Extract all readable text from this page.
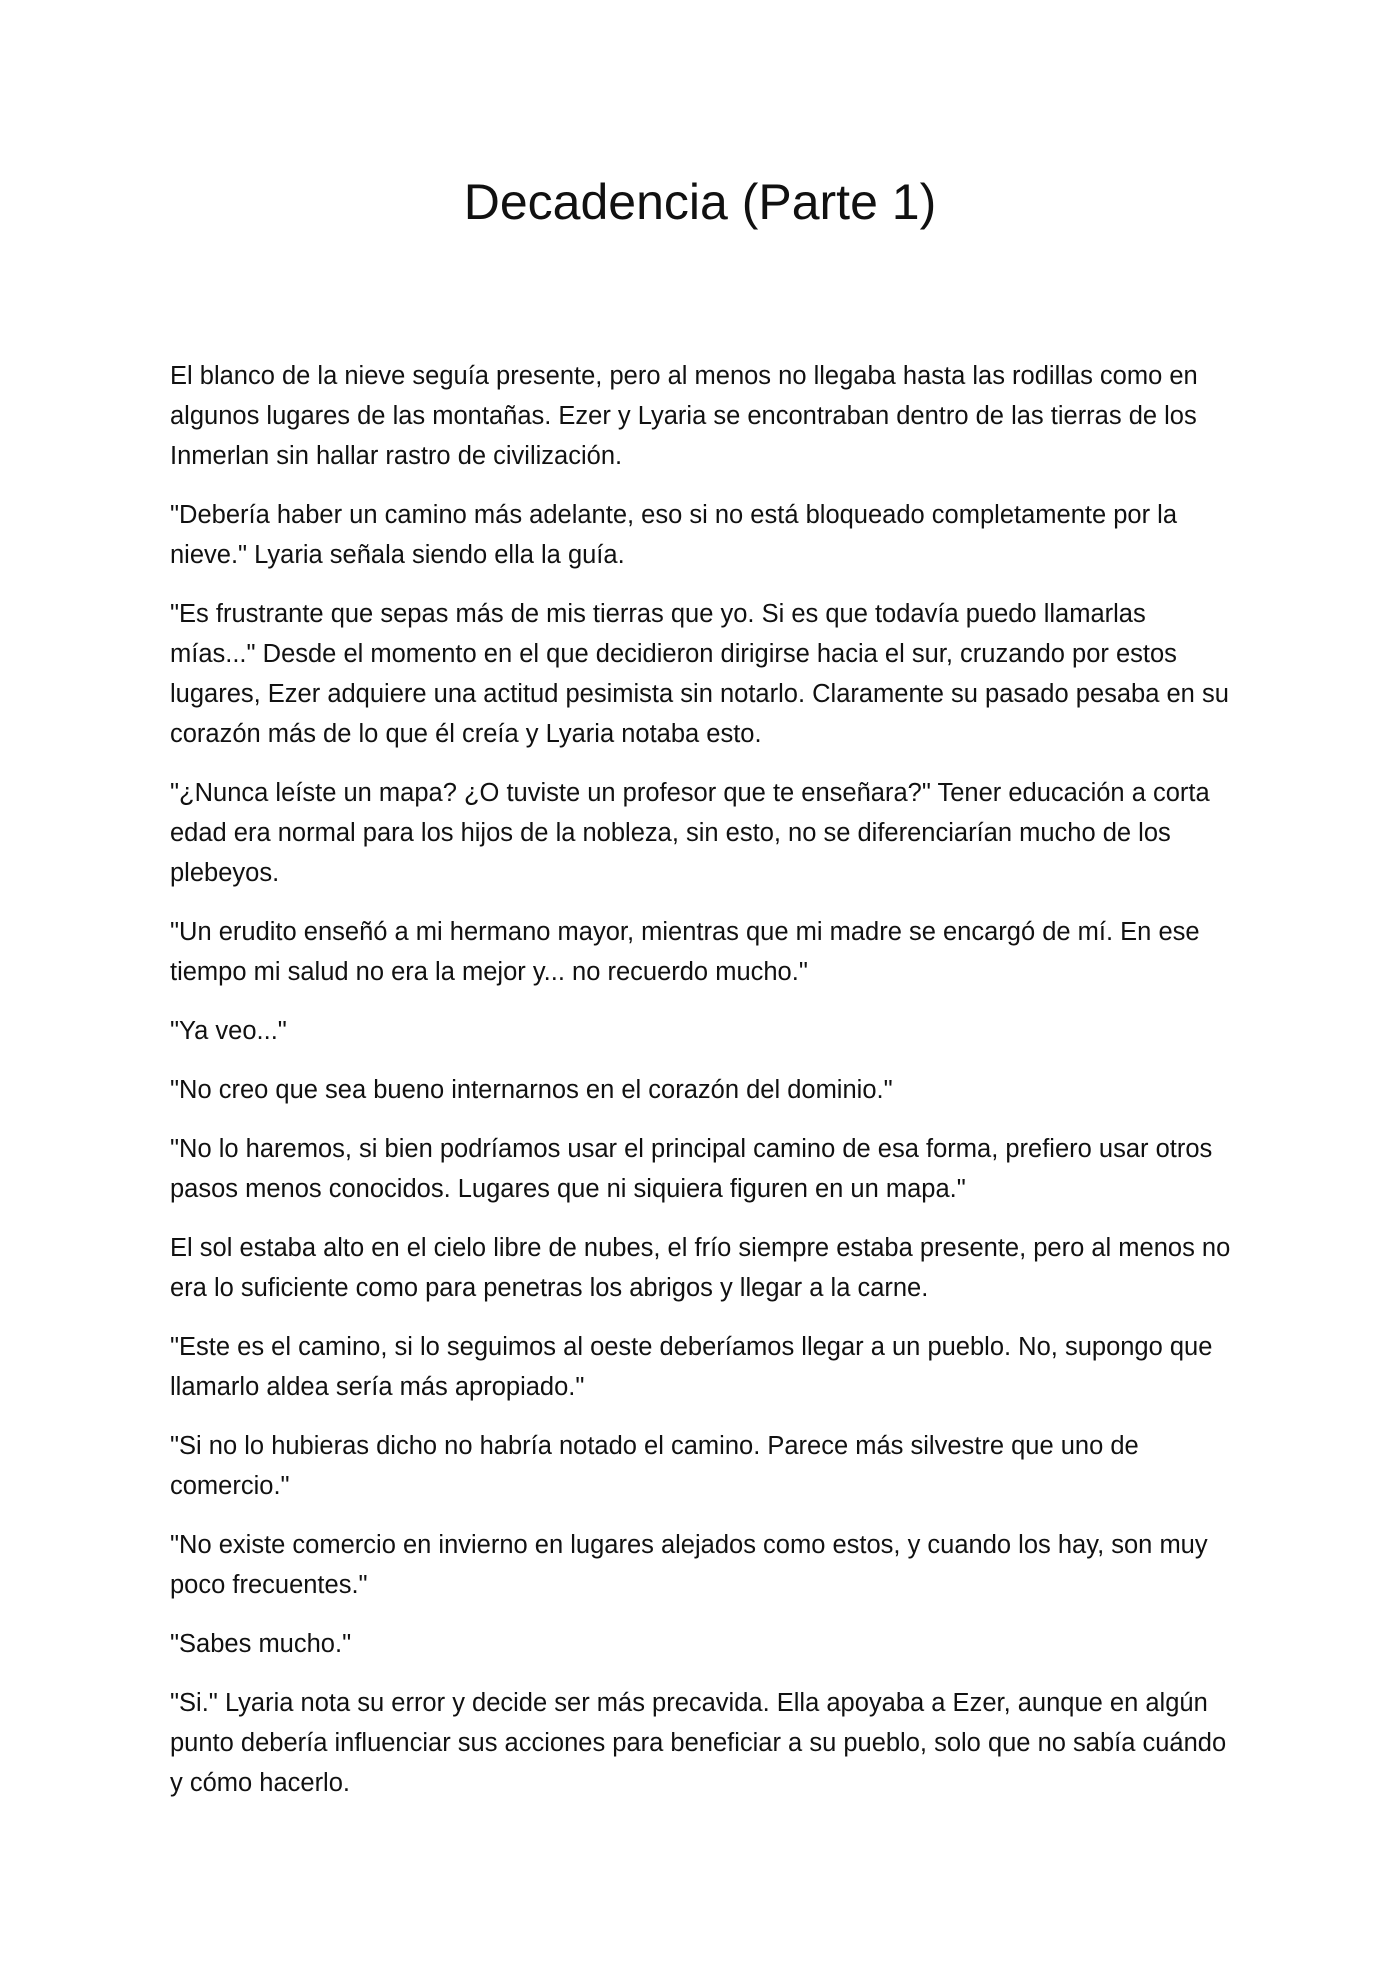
Decadencia (Parte 1)

El blanco de la nieve seguía presente, pero al menos no llegaba hasta las rodillas como en algunos lugares de las montañas. Ezer y Lyaria se encontraban dentro de las tierras de los Inmerlan sin hallar rastro de civilización.

"Debería haber un camino más adelante, eso si no está bloqueado completamente por la nieve." Lyaria señala siendo ella la guía.

"Es frustrante que sepas más de mis tierras que yo. Si es que todavía puedo llamarlas mías..." Desde el momento en el que decidieron dirigirse hacia el sur, cruzando por estos lugares, Ezer adquiere una actitud pesimista sin notarlo. Claramente su pasado pesaba en su corazón más de lo que él creía y Lyaria notaba esto.

"¿Nunca leíste un mapa? ¿O tuviste un profesor que te enseñara?" Tener educación a corta edad era normal para los hijos de la nobleza, sin esto, no se diferenciarían mucho de los plebeyos.

"Un erudito enseñó a mi hermano mayor, mientras que mi madre se encargó de mí. En ese tiempo mi salud no era la mejor y... no recuerdo mucho."

"Ya veo..."

"No creo que sea bueno internarnos en el corazón del dominio."

"No lo haremos, si bien podríamos usar el principal camino de esa forma, prefiero usar otros pasos menos conocidos. Lugares que ni siquiera figuren en un mapa."

El sol estaba alto en el cielo libre de nubes, el frío siempre estaba presente, pero al menos no era lo suficiente como para penetras los abrigos y llegar a la carne.

"Este es el camino, si lo seguimos al oeste deberíamos llegar a un pueblo. No, supongo que llamarlo aldea sería más apropiado."

"Si no lo hubieras dicho no habría notado el camino. Parece más silvestre que uno de comercio."

"No existe comercio en invierno en lugares alejados como estos, y cuando los hay, son muy poco frecuentes."

"Sabes mucho."

"Si." Lyaria nota su error y decide ser más precavida. Ella apoyaba a Ezer, aunque en algún punto debería influenciar sus acciones para beneficiar a su pueblo, solo que no sabía cuándo y cómo hacerlo.
